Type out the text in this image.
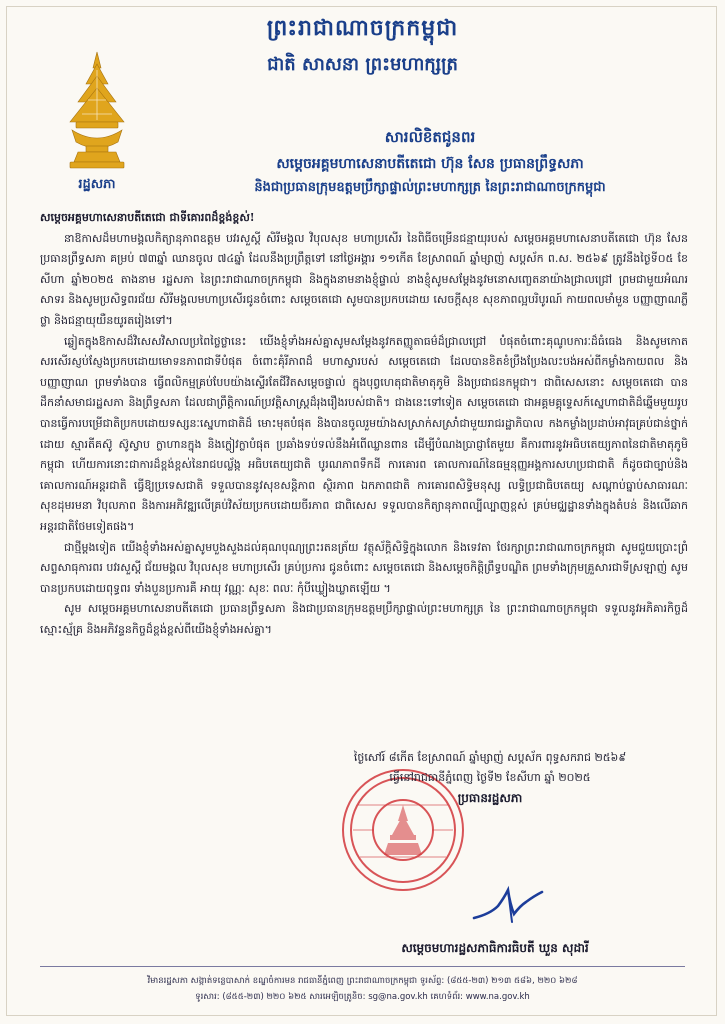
ព្រះរាជាណាចក្រកម្ពុជា
ជាតិ សាសនា ព្រះមហាក្សត្រ
រដ្ឋសភា
សារលិខិតជូនពរ
សម្តេចអគ្គមហាសេនាបតីតេជោ ហ៊ុន សែន ប្រធានព្រឹទ្ធសភា
និងជាប្រធានក្រុមឧត្តមប្រឹក្សាផ្ទាល់ព្រះមហាក្សត្រ នៃព្រះរាជាណាចក្រកម្ពុជា

សម្តេចអគ្គមហាសេនាបតីតេជោ ជាទីគោរពដ៏ខ្ពង់ខ្ពស់!

នាឱកាសដ៏មហាមង្គលកិត្យានុភាពឧត្តម បវរសួស្តី សិរីមង្គល វិបុលសុខ មហាប្រសើរ នៃពិធីចម្រើនជន្មាយុរបស់ សម្តេចអគ្គមហាសេនាបតីតេជោ ហ៊ុន សែន ប្រធានព្រឹទ្ធសភា គម្រប់ ៧៣ឆ្នាំ ឈានចូល ៧៤ឆ្នាំ ដែលនឹងប្រព្រឹត្តទៅ នៅថ្ងៃអង្គារ ១១កើត ខែស្រាពណ៍ ឆ្នាំម្សាញ់ សប្តស័ក ព.ស. ២៥៦៩ ត្រូវនឹងថ្ងៃទី០៥ ខែសីហា ឆ្នាំ២០២៥ តាងនាម រដ្ឋសភា នៃព្រះរាជាណាចក្រកម្ពុជា និងក្នុងនាមនាងខ្ញុំផ្ទាល់ នាងខ្ញុំសូមសម្តែងនូវមនោសញ្ចេតនាយ៉ាងជ្រាលជ្រៅ ព្រមជាមួយអំណរសាទរ និងសូមប្រសិទ្ធពរជ័យ សិរីមង្គលមហាប្រសើរជូនចំពោះ សម្តេចតេជោ សូមបានប្រកបដោយ សេចក្តីសុខ សុខភាពល្អបរិបូរណ៍ កាយពលមាំមួន បញ្ញាញាណភ្លឺថ្លា និងជន្មាយុយឺនយូរតរៀងទៅ។

ឆ្លៀតក្នុងឱកាសដ៏វិសេសវិសាលប្រពៃថ្លៃថ្លានេះ យើងខ្ញុំទាំងអស់គ្នាសូមសម្តែងនូវកតញ្ញូតាធម៌ដ៏ជ្រាលជ្រៅ បំផុតចំពោះគុណូបការៈដ៏ធំធេង និងសូមកោតសរសើរស្ញប់ស្ញែងប្រកបដោយមោទនភាពជាទីបំផុត ចំពោះគុំរីភាពដ៏ មហាស្វារបស់ សម្តេចតេជោ ដែលបានខិតខំប្រឹងប្រែងលះបង់អស់ពីកម្លាំងកាយពល និងបញ្ញាញាណ ព្រមទាំងបាន ធ្វើពលិកម្មគ្រប់បែបយ៉ាងស្ទើរតែជីវិតសម្តេចផ្ទាល់ ក្នុងបុព្វហេតុជាតិមាតុភូមិ និងប្រជាជនកម្ពុជា។ ជាពិសេសនោះ សម្តេចតេជោ បានដឹកនាំសមាជរដ្ឋសភា និងព្រឹទ្ធសភា ដែលជាព្រឹត្តិការណ៍ប្រវត្តិសាស្ត្រដ៏រុងរឿងរបស់ជាតិ។ ជាងនេះទៅទៀត សម្តេចតេជោ ជាអគ្គមគ្គុទ្ទេសក៍ស្នេហាជាតិដ៏ឆ្នើមមួយរូប បានធ្វើការបម្រើជាតិប្រកបដោយទស្សនៈស្នេហាជាតិដ៏ មោះមុតបំផុត និងបានចូលរួមយ៉ាងសស្រាក់សស្រាំជាមួយរាជរដ្ឋាភិបាល កងកម្លាំងប្រដាប់អាវុធគ្រប់ជាន់ថ្នាក់ដោយ ស្មារតីគស៊ូ ស៊ូស្វាប ក្លាហានក្នុង និងក្លៀវក្លាបំផុត ប្រឆាំងទប់ទល់នឹងអំពើឈ្លានពាន ដើម្បីបំណងប្រាជ្ញាតែមួយ គឺការពារនូវអធិបតេយ្យភាពនៃជាតិមាតុភូមិកម្ពុជា ហើយការនោះជាការដ៏ខ្ពង់ខ្ពស់នៃរាជបល្ល័ង្ក អធិបតេយ្យជាតិ បូរណភាពទឹកដី ការគោរព គោលការណ៍នៃធម្មនុញ្ញអង្គការសហប្រជាជាតិ ក៏ដូចជាច្បាប់និងគោលការណ៍អន្តរជាតិ ធ្វើឱ្យប្រទេសជាតិ ទទួលបាននូវសុខសន្តិភាព ស្ថិរភាព ឯកភាពជាតិ ការគោរពសិទ្ធិមនុស្ស លទ្ធិប្រជាធិបតេយ្យ សណ្តាប់ធ្នាប់សាធារណៈ សុខដុមរមនា វិបុលភាព និងការអភិវឌ្ឍលើគ្រប់វិស័យប្រកបដោយចីរភាព ជាពិសេស ទទួលបានកិត្យានុភាពល្បីល្បាញខ្ពស់ គ្រប់មជ្ឈដ្ឋានទាំងក្នុងតំបន់ និងលើឆាកអន្តរជាតិថែមទៀតផង។

ជាថ្មីម្តងទៀត យើងខ្ញុំទាំងអស់គ្នាសូមបួងសួងដល់គុណបុណ្យព្រះរតនត្រ័យ វត្ថុស័ក្តិសិទ្ធិក្នុងលោក និងទេវតា ថែរក្សាព្រះរាជាណាចក្រកម្ពុជា សូមជួយប្រោះព្រំសព្ទសាធុការពរ បវរសួស្តី ជ័យមង្គល វិបុលសុខ មហាប្រសើរ គ្រប់ប្រការ ជូនចំពោះ សម្តេចតេជោ និងសម្តេចកិត្តិព្រឹទ្ធបណ្ឌិត ព្រមទាំងក្រុមគ្រួសារជាទីស្រឡាញ់ សូមបានប្រកបដោយពុទ្ធពរ ទាំងបួនប្រការគឺ អាយុ វណ្ណៈ សុខៈ ពលៈ កុំបីឃ្លៀងឃ្លាតឡើយ ។

សូម សម្តេចអគ្គមហាសេនាបតីតេជោ ប្រធានព្រឹទ្ធសភា និងជាប្រធានក្រុមឧត្តមប្រឹក្សាផ្ទាល់ព្រះមហាក្សត្រ នៃ ព្រះរាជាណាចក្រកម្ពុជា ទទួលនូវអភិគារកិច្ចដ៏ស្មោះស្ម័គ្រ និងអភិវន្ទនកិច្ចដ៏ខ្ពង់ខ្ពស់ពីយើងខ្ញុំទាំងអស់គ្នា។

ថ្ងៃសៅរ៍ ៨កើត ខែស្រាពណ៍ ឆ្នាំម្សាញ់ សប្តស័ក ពុទ្ធសករាជ ២៥៦៩
ធ្វើនៅរាជធានីភ្នំពេញ ថ្ងៃទី២ ខែសីហា ឆ្នាំ ២០២៥
ប្រធានរដ្ឋសភា
សម្តេចមហារដ្ឋសភាធិការធិបតី ឃួន សុដារី
វិមានរដ្ឋសភា សង្កាត់ទន្លេបាសាក់ ខណ្ឌចំការមន រាជធានីភ្នំពេញ ព្រះរាជាណាចក្រកម្ពុជា ទូរស័ព្ទ: (៨៥៥-២៣) ២១៣ ៥៨៦, ២២០ ៦២៨
ទូរសារ: (៨៥៥-២៣) ២២០ ៦២៥ សារអេឡិចត្រូនិច: sg@na.gov.kh គេហទំព័រ: www.na.gov.kh
